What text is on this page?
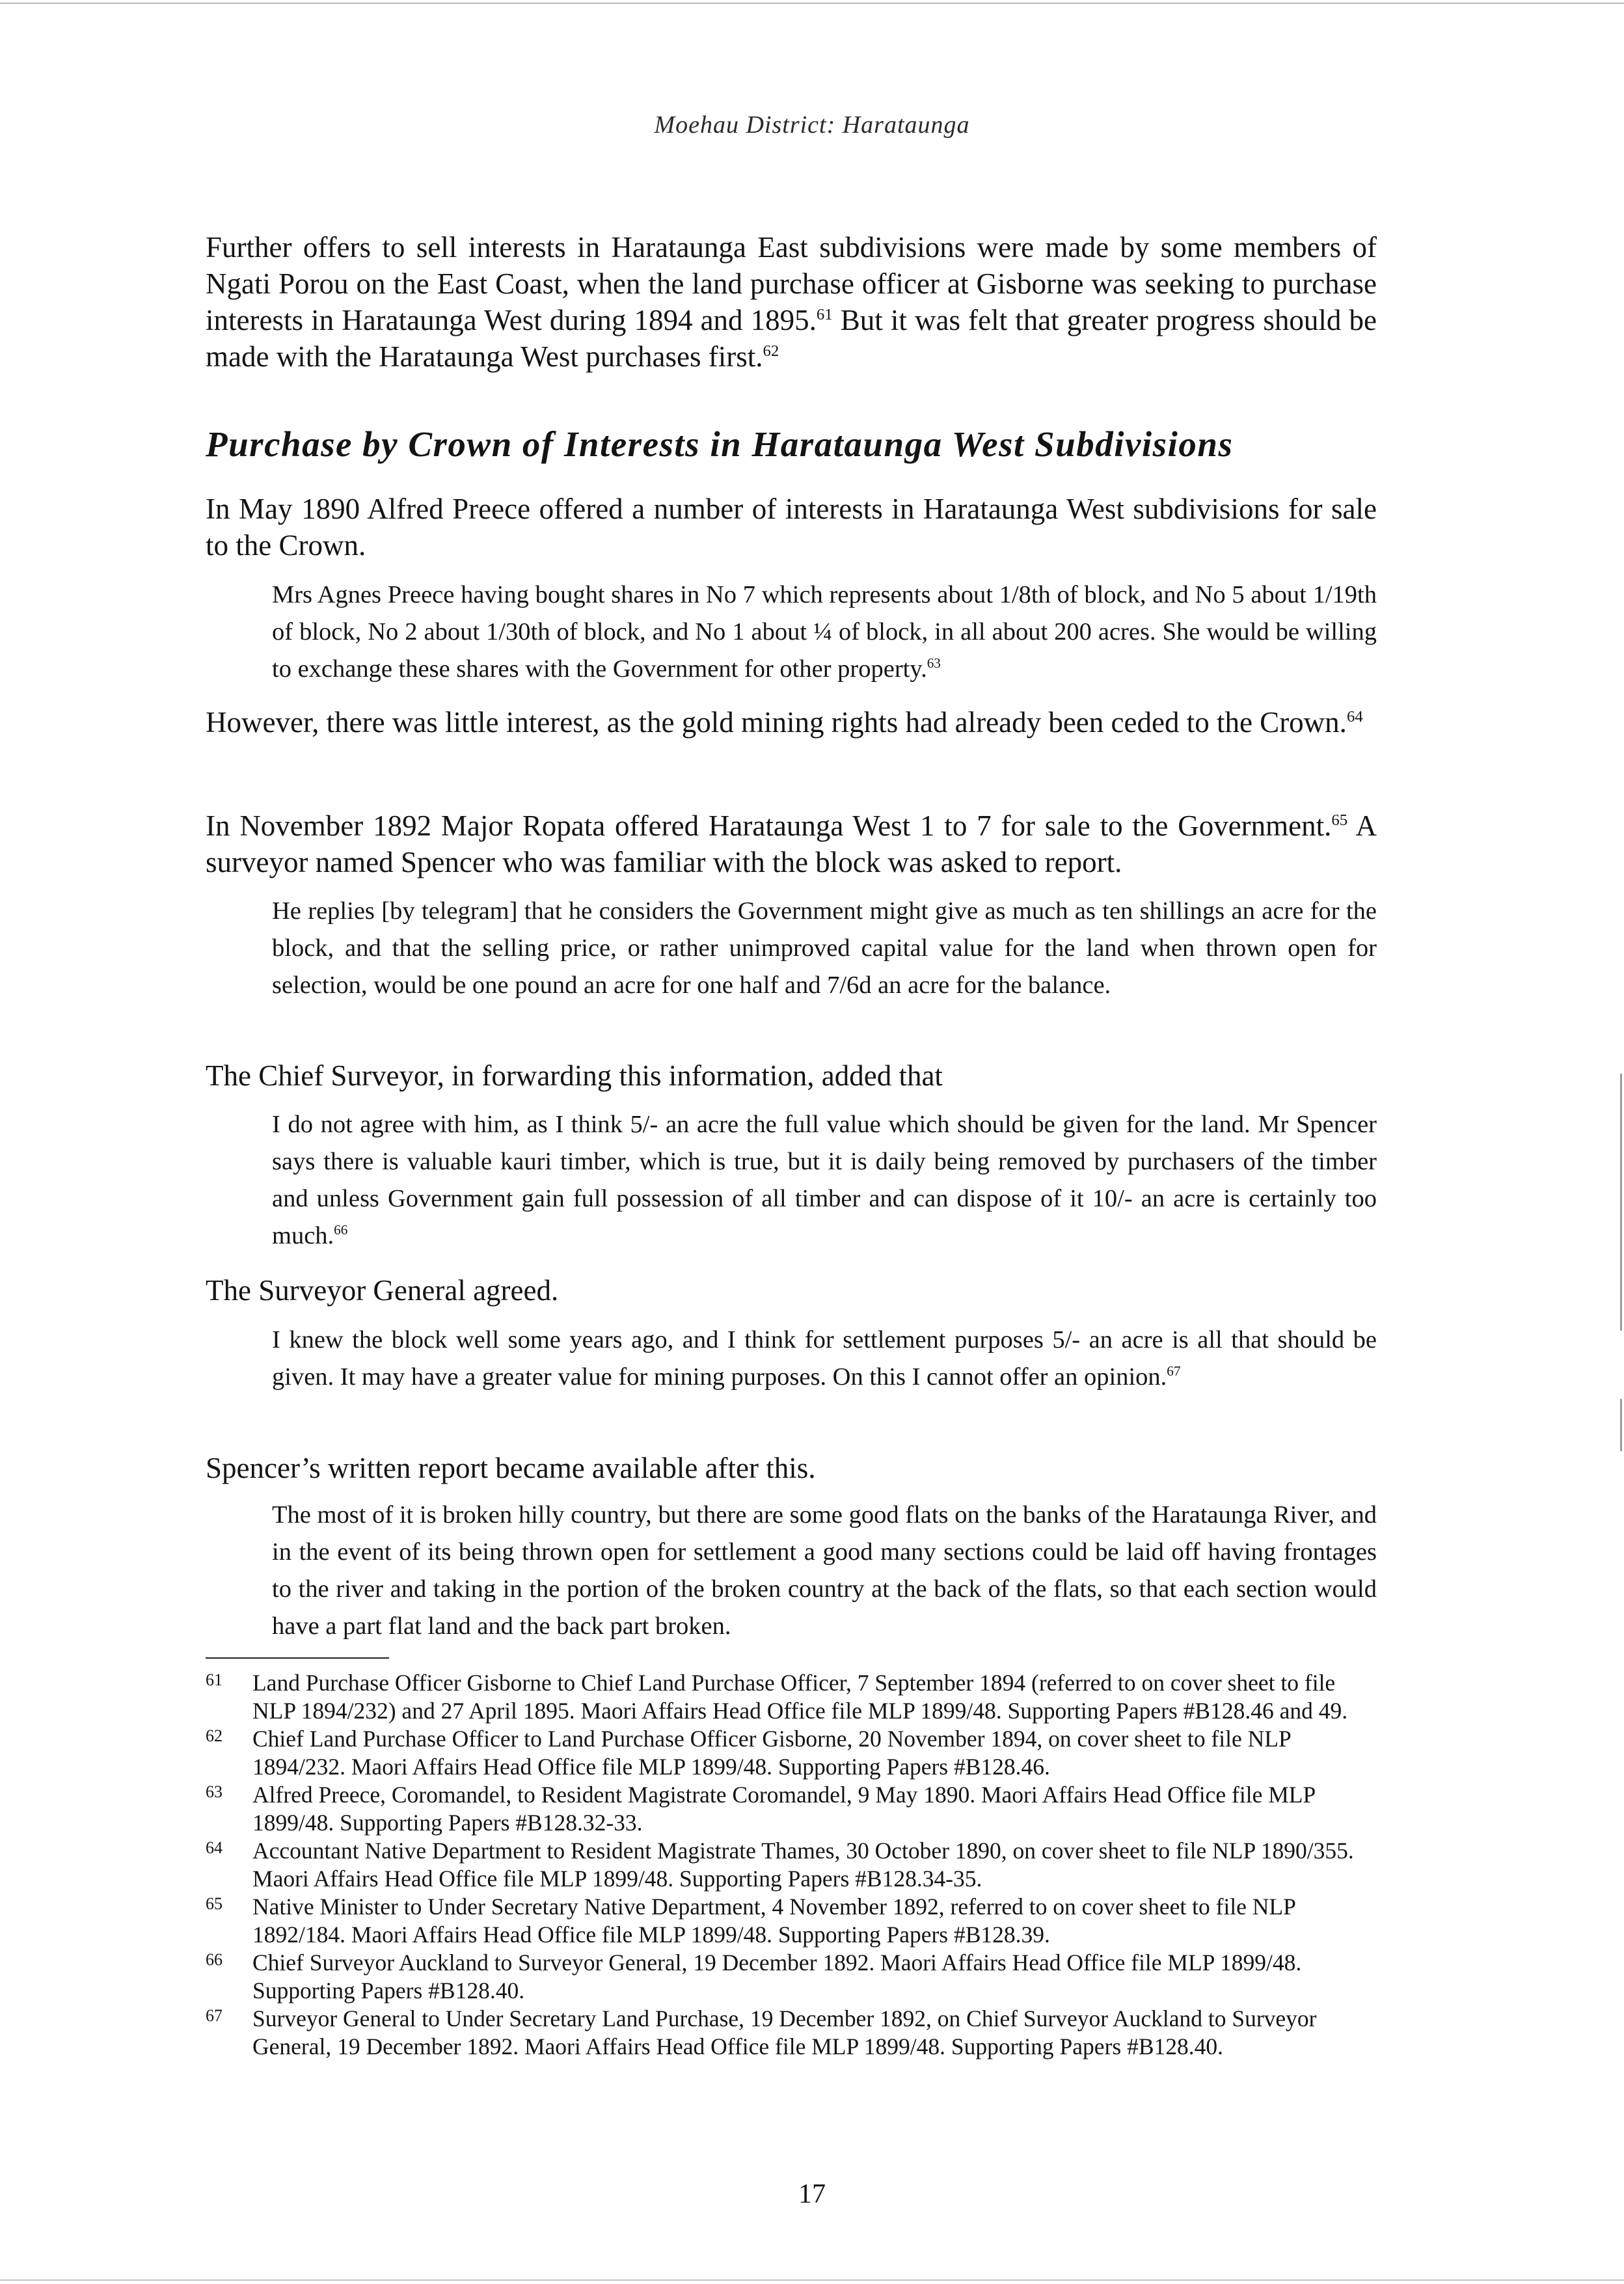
Moehau District: Harataunga

Further offers to sell interests in Harataunga East subdivisions were made by some members of Ngati Porou on the East Coast, when the land purchase officer at Gisborne was seeking to purchase interests in Harataunga West during 1894 and 1895.61 But it was felt that greater progress should be made with the Harataunga West purchases first.$^{62}$

Purchase by Crown of Interests in Harataunga West Subdivisions

In May 1890 Alfred Preece offered a number of interests in Harataunga West subdivisions for sale to the Crown.

Mrs Agnes Preece having bought shares in No 7 which represents about 1/8th of block, and No 5 about 1/19th of block, No 2 about 1/30th of block, and No 1 about ¼ of block, in all about 200 acres. She would be willing to exchange these shares with the Government for other property.$^{63}$

However, there was little interest, as the gold mining rights had already been ceded to the Crown.$^{64}$

In November 1892 Major Ropata offered Harataunga West 1 to 7 for sale to the Government.$^{65}$ A surveyor named Spencer who was familiar with the block was asked to report.

He replies [by telegram] that he considers the Government might give as much as ten shillings an acre for the block, and that the selling price, or rather unimproved capital value for the land when thrown open for selection, would be one pound an acre for one half and 7/6d an acre for the balance.

The Chief Surveyor, in forwarding this information, added that

I do not agree with him, as I think 5/- an acre the full value which should be given for the land. Mr Spencer says there is valuable kauri timber, which is true, but it is daily being removed by purchasers of the timber and unless Government gain full possession of all timber and can dispose of it 10/- an acre is certainly too much.$^{66}$

The Surveyor General agreed.

I knew the block well some years ago, and I think for settlement purposes 5/- an acre is all that should be given. It may have a greater value for mining purposes. On this I cannot offer an opinion.$^{67}$

Spencer’s written report became available after this.

The most of it is broken hilly country, but there are some good flats on the banks of the Harataunga River, and in the event of its being thrown open for settlement a good many sections could be laid off having frontages to the river and taking in the portion of the broken country at the back of the flats, so that each section would have a part flat land and the back part broken.

61	Land Purchase Officer Gisborne to Chief Land Purchase Officer, 7 September 1894 (referred to on cover sheet to file NLP 1894/232) and 27 April 1895. Maori Affairs Head Office file MLP 1899/48. Supporting Papers #B128.46 and 49.
62	Chief Land Purchase Officer to Land Purchase Officer Gisborne, 20 November 1894, on cover sheet to file NLP 1894/232. Maori Affairs Head Office file MLP 1899/48. Supporting Papers #B128.46.
63	Alfred Preece, Coromandel, to Resident Magistrate Coromandel, 9 May 1890. Maori Affairs Head Office file MLP 1899/48. Supporting Papers #B128.32-33.
64	Accountant Native Department to Resident Magistrate Thames, 30 October 1890, on cover sheet to file NLP 1890/355. Maori Affairs Head Office file MLP 1899/48. Supporting Papers #B128.34-35.
65	Native Minister to Under Secretary Native Department, 4 November 1892, referred to on cover sheet to file NLP 1892/184. Maori Affairs Head Office file MLP 1899/48. Supporting Papers #B128.39.
66	Chief Surveyor Auckland to Surveyor General, 19 December 1892. Maori Affairs Head Office file MLP 1899/48. Supporting Papers #B128.40.
67	Surveyor General to Under Secretary Land Purchase, 19 December 1892, on Chief Surveyor Auckland to Surveyor General, 19 December 1892. Maori Affairs Head Office file MLP 1899/48. Supporting Papers #B128.40.
17
